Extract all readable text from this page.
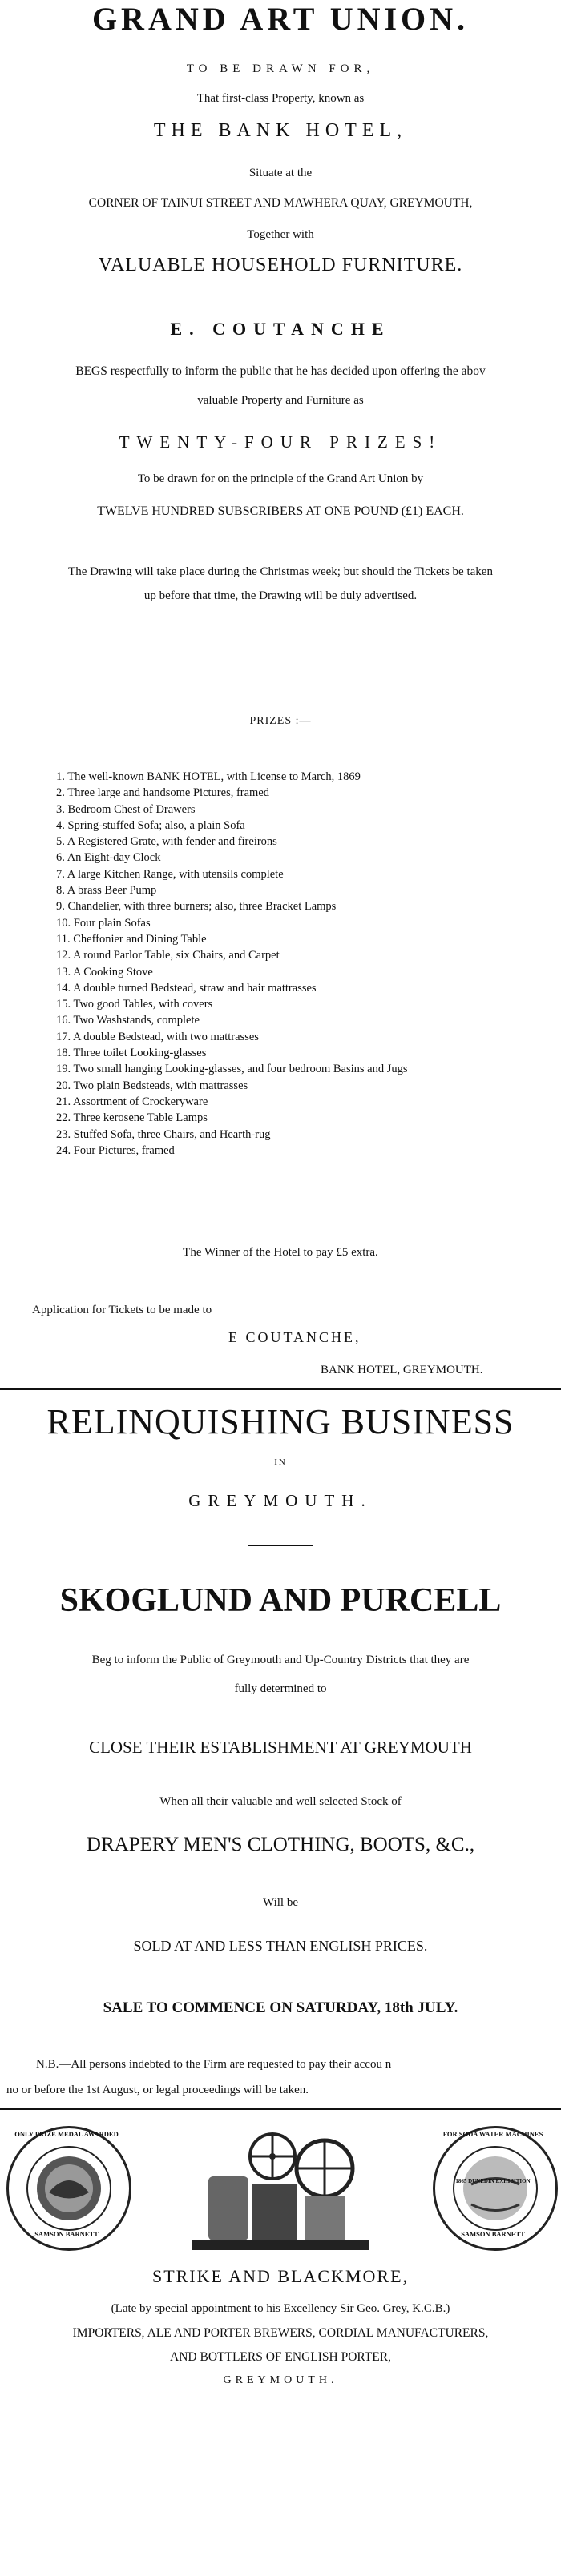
GRAND ART UNION.
TO BE DRAWN FOR,
That first-class Property, known as
THE BANK HOTEL,
Situate at the
CORNER OF TAINUI STREET AND MAWHERA QUAY, GREYMOUTH,
Together with
VALUABLE HOUSEHOLD FURNITURE.
E. COUTANCHE
BEGS respectfully to inform the public that he has decided upon offering the abov
valuable Property and Furniture as
TWENTY-FOUR PRIZES!
To be drawn for on the principle of the Grand Art Union by
TWELVE HUNDRED SUBSCRIBERS AT ONE POUND (£1) EACH.
The Drawing will take place during the Christmas week; but should the Tickets be taken
up before that time, the Drawing will be duly advertised.
PRIZES :—
1. The well-known BANK HOTEL, with License to March, 1869
2. Three large and handsome Pictures, framed
3. Bedroom Chest of Drawers
4. Spring-stuffed Sofa; also, a plain Sofa
5. A Registered Grate, with fender and fireirons
6. An Eight-day Clock
7. A large Kitchen Range, with utensils complete
8. A brass Beer Pump
9. Chandelier, with three burners; also, three Bracket Lamps
10. Four plain Sofas
11. Cheffonier and Dining Table
12. A round Parlor Table, six Chairs, and Carpet
13. A Cooking Stove
14. A double turned Bedstead, straw and hair mattrasses
15. Two good Tables, with covers
16. Two Washstands, complete
17. A double Bedstead, with two mattrasses
18. Three toilet Looking-glasses
19. Two small hanging Looking-glasses, and four bedroom Basins and Jugs
20. Two plain Bedsteads, with mattrasses
21. Assortment of Crockeryware
22. Three kerosene Table Lamps
23. Stuffed Sofa, three Chairs, and Hearth-rug
24. Four Pictures, framed
The Winner of the Hotel to pay £5 extra.
Application for Tickets to be made to
E COUTANCHE,
BANK HOTEL, GREYMOUTH.
RELINQUISHING BUSINESS
IN
GREYMOUTH.
SKOGLUND AND PURCELL
Beg to inform the Public of Greymouth and Up-Country Districts that they are
fully determined to
CLOSE THEIR ESTABLISHMENT AT GREYMOUTH
When all their valuable and well selected Stock of
DRAPERY MEN'S CLOTHING, BOOTS, &C.,
Will be
SOLD AT AND LESS THAN ENGLISH PRICES.
SALE TO COMMENCE ON SATURDAY, 18th JULY.
N.B.—All persons indebted to the Firm are requested to pay their accou n
no or before the 1st August, or legal proceedings will be taken.
ONLY PRIZE MEDAL AWARDED
SAMSON BARNETT
FOR SODA WATER MACHINES
1865 DUNEDIN EXHIBITION
SAMSON BARNETT
STRIKE AND BLACKMORE,
(Late by special appointment to his Excellency Sir Geo. Grey, K.C.B.)
IMPORTERS, ALE AND PORTER BREWERS, CORDIAL MANUFACTURERS,
AND BOTTLERS OF ENGLISH PORTER,
GREYMOUTH.
